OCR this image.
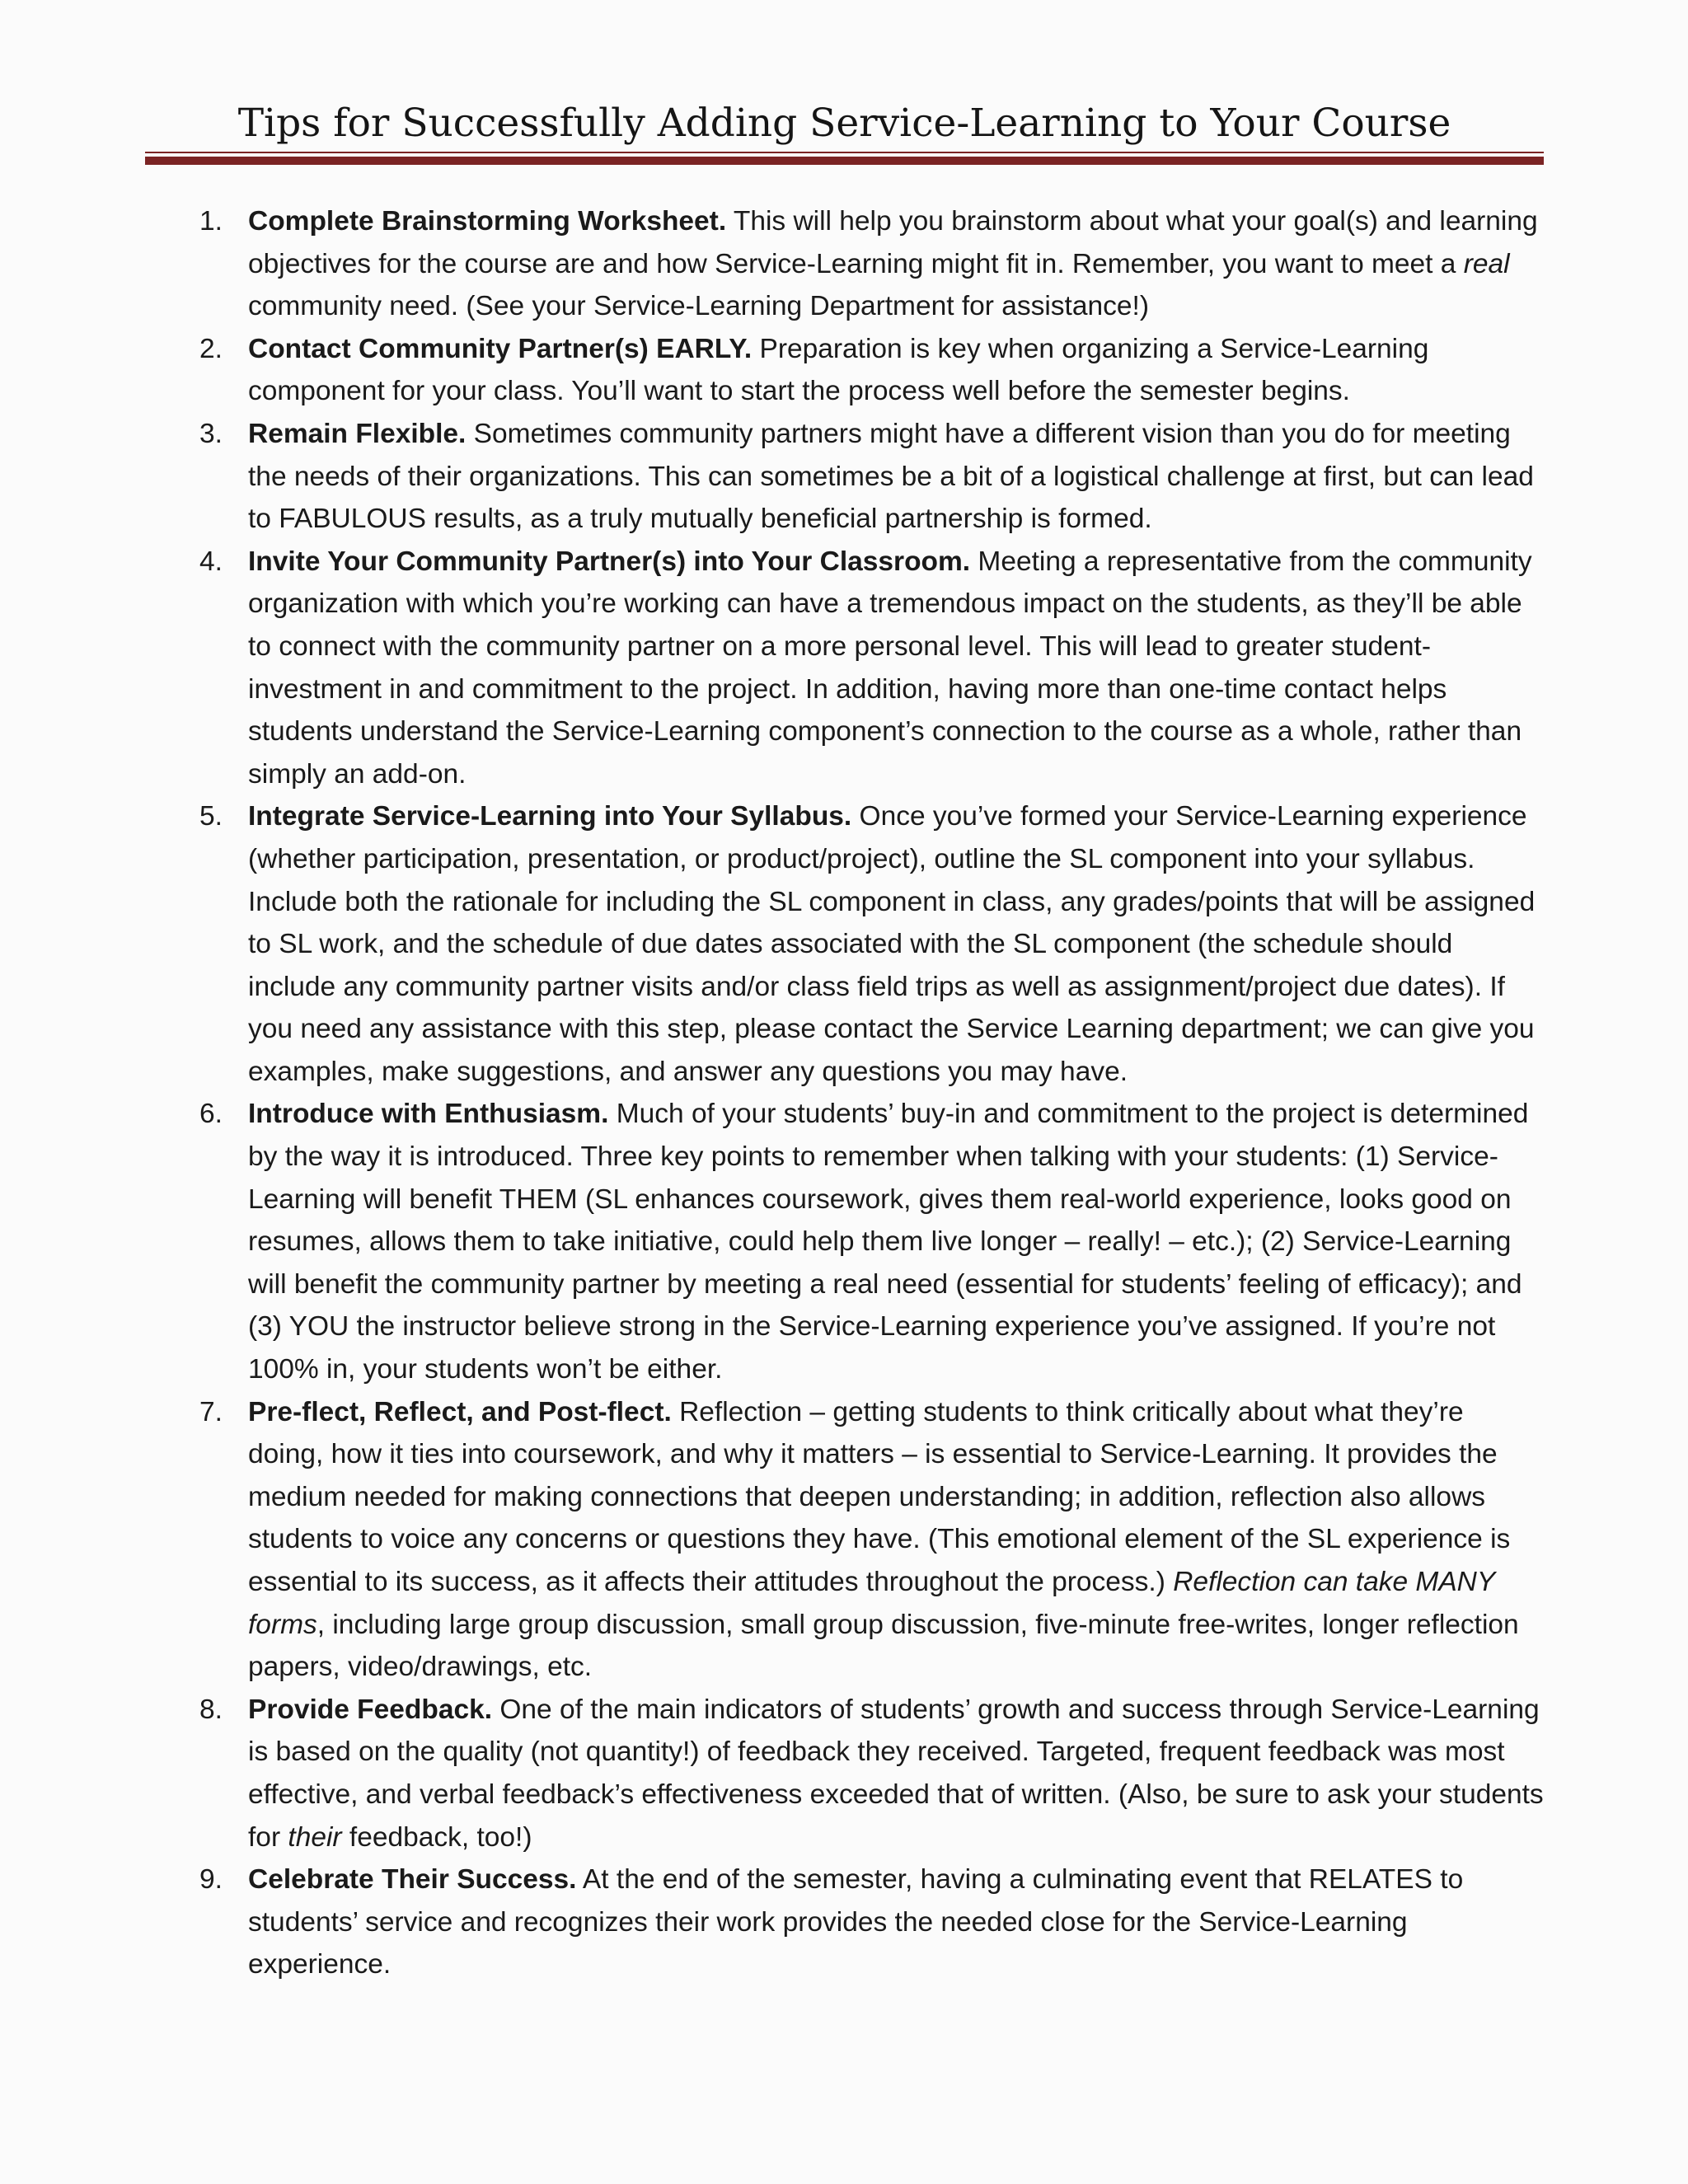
Tips for Successfully Adding Service-Learning to Your Course
1. Complete Brainstorming Worksheet. This will help you brainstorm about what your goal(s) and learning objectives for the course are and how Service-Learning might fit in. Remember, you want to meet a real community need. (See your Service-Learning Department for assistance!)
2. Contact Community Partner(s) EARLY. Preparation is key when organizing a Service-Learning component for your class. You’ll want to start the process well before the semester begins.
3. Remain Flexible. Sometimes community partners might have a different vision than you do for meeting the needs of their organizations. This can sometimes be a bit of a logistical challenge at first, but can lead to FABULOUS results, as a truly mutually beneficial partnership is formed.
4. Invite Your Community Partner(s) into Your Classroom. Meeting a representative from the community organization with which you’re working can have a tremendous impact on the students, as they’ll be able to connect with the community partner on a more personal level. This will lead to greater student-investment in and commitment to the project. In addition, having more than one-time contact helps students understand the Service-Learning component’s connection to the course as a whole, rather than simply an add-on.
5. Integrate Service-Learning into Your Syllabus. Once you’ve formed your Service-Learning experience (whether participation, presentation, or product/project), outline the SL component into your syllabus. Include both the rationale for including the SL component in class, any grades/points that will be assigned to SL work, and the schedule of due dates associated with the SL component (the schedule should include any community partner visits and/or class field trips as well as assignment/project due dates). If you need any assistance with this step, please contact the Service Learning department; we can give you examples, make suggestions, and answer any questions you may have.
6. Introduce with Enthusiasm. Much of your students’ buy-in and commitment to the project is determined by the way it is introduced. Three key points to remember when talking with your students: (1) Service-Learning will benefit THEM (SL enhances coursework, gives them real-world experience, looks good on resumes, allows them to take initiative, could help them live longer – really! – etc.); (2) Service-Learning will benefit the community partner by meeting a real need (essential for students’ feeling of efficacy); and (3) YOU the instructor believe strong in the Service-Learning experience you’ve assigned. If you’re not 100% in, your students won’t be either.
7. Pre-flect, Reflect, and Post-flect. Reflection – getting students to think critically about what they’re doing, how it ties into coursework, and why it matters – is essential to Service-Learning. It provides the medium needed for making connections that deepen understanding; in addition, reflection also allows students to voice any concerns or questions they have. (This emotional element of the SL experience is essential to its success, as it affects their attitudes throughout the process.) Reflection can take MANY forms, including large group discussion, small group discussion, five-minute free-writes, longer reflection papers, video/drawings, etc.
8. Provide Feedback. One of the main indicators of students’ growth and success through Service-Learning is based on the quality (not quantity!) of feedback they received. Targeted, frequent feedback was most effective, and verbal feedback’s effectiveness exceeded that of written. (Also, be sure to ask your students for their feedback, too!)
9. Celebrate Their Success. At the end of the semester, having a culminating event that RELATES to students’ service and recognizes their work provides the needed close for the Service-Learning experience.
